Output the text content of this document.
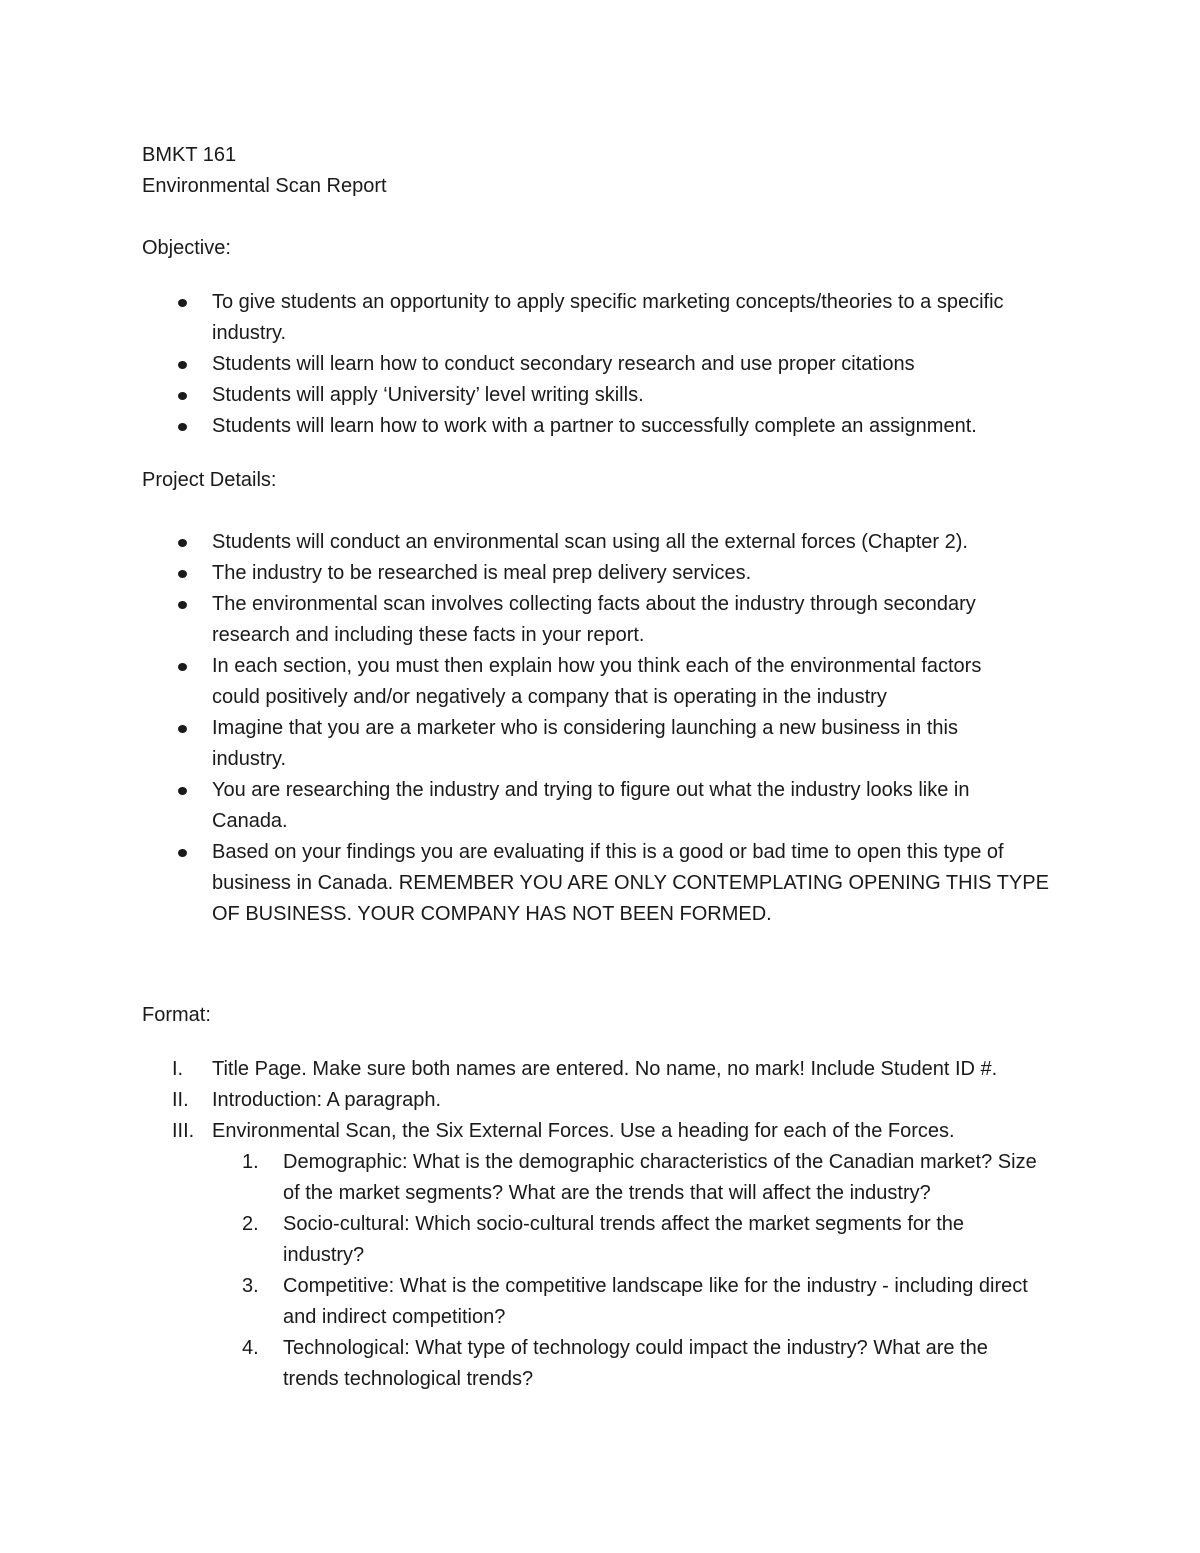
BMKT 161

Environmental Scan Report

Objective:

To give students an opportunity to apply specific marketing concepts/theories to a specific industry.
Students will learn how to conduct secondary research and use proper citations
Students will apply ‘University’ level writing skills.
Students will learn how to work with a partner to successfully complete an assignment.

Project Details:

Students will conduct an environmental scan using all the external forces (Chapter 2).
The industry to be researched is meal prep delivery services.
The environmental scan involves collecting facts about the industry through secondary research and including these facts in your report.
In each section, you must then explain how you think each of the environmental factors could positively and/or negatively a company that is operating in the industry
Imagine that you are a marketer who is considering launching a new business in this industry.
You are researching the industry and trying to figure out what the industry looks like in Canada.
Based on your findings you are evaluating if this is a good or bad time to open this type of business in Canada. REMEMBER YOU ARE ONLY CONTEMPLATING OPENING THIS TYPE OF BUSINESS. YOUR COMPANY HAS NOT BEEN FORMED.

Format:

I.	Title Page. Make sure both names are entered. No name, no mark! Include Student ID #.
II.	Introduction: A paragraph.
III. Environmental Scan, the Six External Forces. Use a heading for each of the Forces.
1.	Demographic: What is the demographic characteristics of the Canadian market? Size of the market segments? What are the trends that will affect the industry?
2.	Socio-cultural: Which socio-cultural trends affect the market segments for the industry?
3.	Competitive: What is the competitive landscape like for the industry - including direct and indirect competition?
4.	Technological: What type of technology could impact the industry? What are the trends technological trends?
